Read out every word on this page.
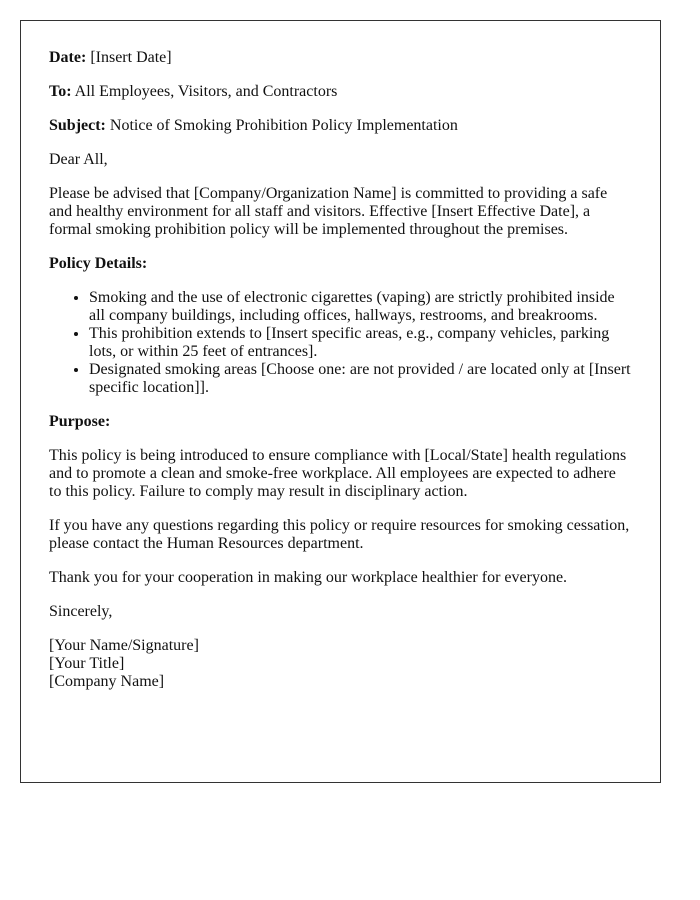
Date: [Insert Date]

To: All Employees, Visitors, and Contractors

Subject: Notice of Smoking Prohibition Policy Implementation

Dear All,

Please be advised that [Company/Organization Name] is committed to providing a safe and healthy environment for all staff and visitors. Effective [Insert Effective Date], a formal smoking prohibition policy will be implemented throughout the premises.

Policy Details:

• Smoking and the use of electronic cigarettes (vaping) are strictly prohibited inside all company buildings, including offices, hallways, restrooms, and breakrooms.
• This prohibition extends to [Insert specific areas, e.g., company vehicles, parking lots, or within 25 feet of entrances].
• Designated smoking areas [Choose one: are not provided / are located only at [Insert specific location]].

Purpose:

This policy is being introduced to ensure compliance with [Local/State] health regulations and to promote a clean and smoke-free workplace. All employees are expected to adhere to this policy. Failure to comply may result in disciplinary action.

If you have any questions regarding this policy or require resources for smoking cessation, please contact the Human Resources department.

Thank you for your cooperation in making our workplace healthier for everyone.

Sincerely,

[Your Name/Signature]
[Your Title]
[Company Name]
